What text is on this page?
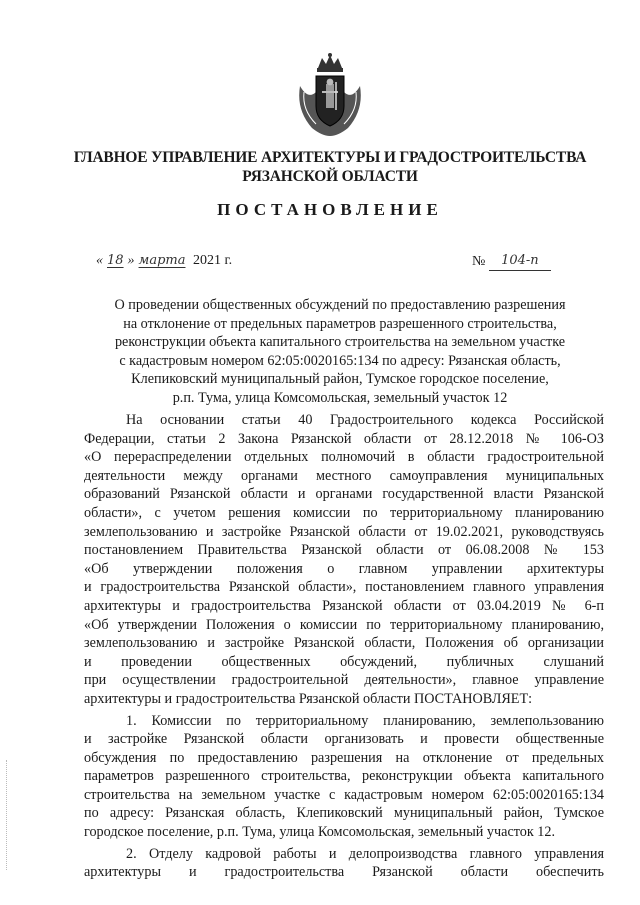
ГЛАВНОЕ УПРАВЛЕНИЕ АРХИТЕКТУРЫ И ГРАДОСТРОИТЕЛЬСТВА
РЯЗАНСКОЙ ОБЛАСТИ
ПОСТАНОВЛЕНИЕ
« 18 » марта 2021 г.	№ 104-п
О проведении общественных обсуждений по предоставлению разрешения
на отклонение от предельных параметров разрешенного строительства,
реконструкции объекта капитального строительства на земельном участке
с кадастровым номером 62:05:0020165:134 по адресу: Рязанская область,
Клепиковский муниципальный район, Тумское городское поселение,
р.п. Тума, улица Комсомольская, земельный участок 12
На основании статьи 40 Градостроительного кодекса Российской
Федерации, статьи 2 Закона Рязанской области от 28.12.2018 № 106-ОЗ
«О перераспределении отдельных полномочий в области градостроительной
деятельности между органами местного самоуправления муниципальных
образований Рязанской области и органами государственной власти Рязанской
области», с учетом решения комиссии по территориальному планированию
землепользованию и застройке Рязанской области от 19.02.2021, руководствуясь
постановлением Правительства Рязанской области от 06.08.2008 № 153
«Об утверждении положения о главном управлении архитектуры
и градостроительства Рязанской области», постановлением главного управления
архитектуры и градостроительства Рязанской области от 03.04.2019 № 6-п
«Об утверждении Положения о комиссии по территориальному планированию,
землепользованию и застройке Рязанской области, Положения об организации
и проведении общественных обсуждений, публичных слушаний
при осуществлении градостроительной деятельности», главное управление
архитектуры и градостроительства Рязанской области ПОСТАНОВЛЯЕТ:
1. Комиссии по территориальному планированию, землепользованию
и застройке Рязанской области организовать и провести общественные
обсуждения по предоставлению разрешения на отклонение от предельных
параметров разрешенного строительства, реконструкции объекта капитального
строительства на земельном участке с кадастровым номером 62:05:0020165:134
по адресу: Рязанская область, Клепиковский муниципальный район, Тумское
городское поселение, р.п. Тума, улица Комсомольская, земельный участок 12.
2. Отделу кадровой работы и делопроизводства главного управления
архитектуры и градостроительства Рязанской области обеспечить
